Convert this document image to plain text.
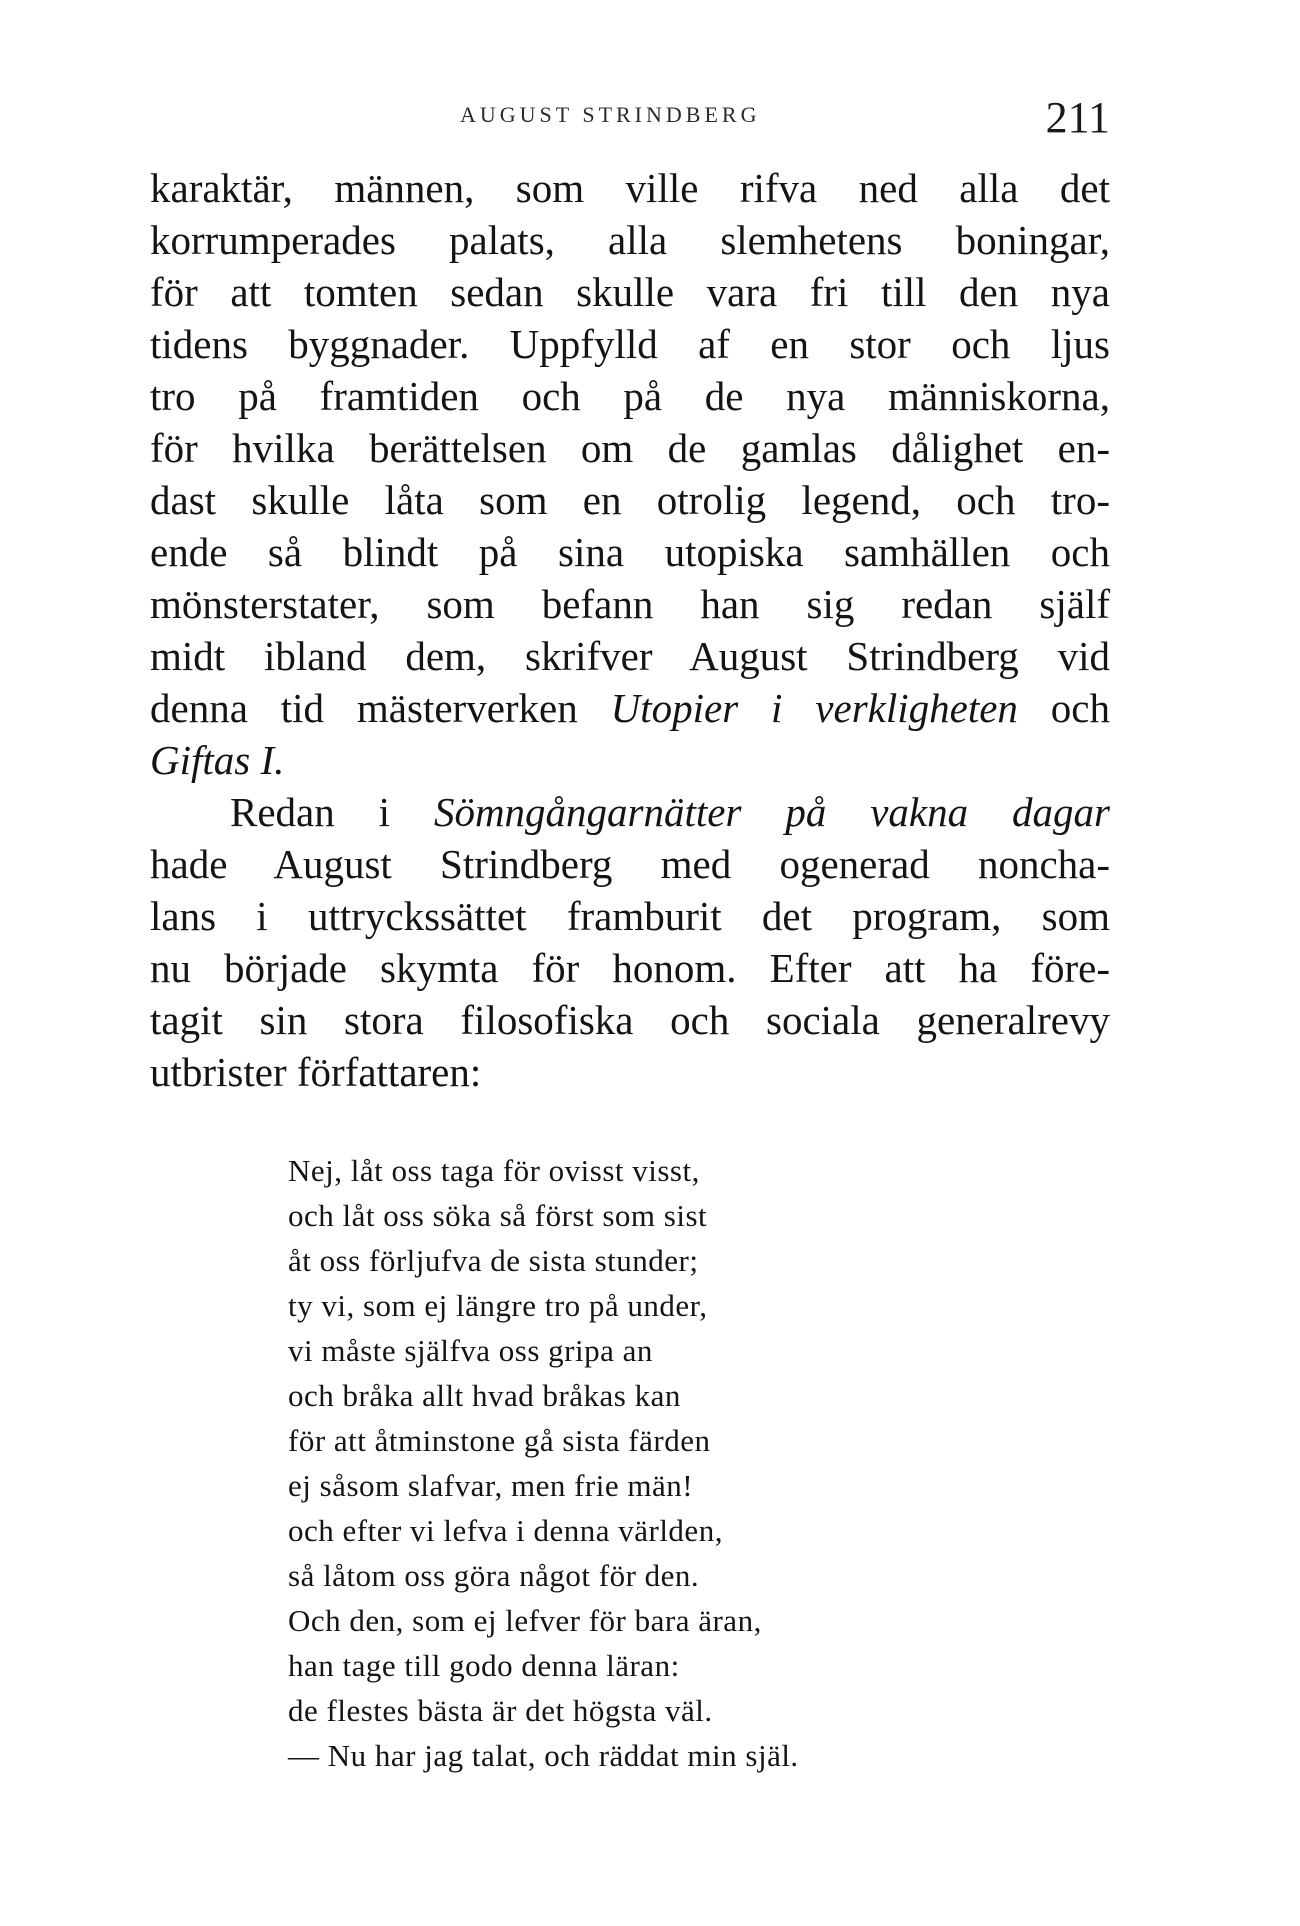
AUGUST STRINDBERG	211
karaktär, männen, som ville rifva ned alla det
korrumperades palats, alla slemhetens boningar,
för att tomten sedan skulle vara fri till den nya
tidens byggnader. Uppfylld af en stor och ljus
tro på framtiden och på de nya människorna,
för hvilka berättelsen om de gamlas dålighet en-
dast skulle låta som en otrolig legend, och tro-
ende så blindt på sina utopiska samhällen och
mönsterstater, som befann han sig redan själf
midt ibland dem, skrifver August Strindberg vid
denna tid mästerverken Utopier i verkligheten och
Giftas I.
Redan i Sömngångarnätter på vakna dagar
hade August Strindberg med ogenerad noncha-
lans i uttryckssättet framburit det program, som
nu började skymta för honom. Efter att ha före-
tagit sin stora filosofiska och sociala generalrevy
utbrister författaren:
Nej, låt oss taga för ovisst visst,
och låt oss söka så först som sist
åt oss förljufva de sista stunder;
ty vi, som ej längre tro på under,
vi måste själfva oss gripa an
och bråka allt hvad bråkas kan
för att åtminstone gå sista färden
ej såsom slafvar, men frie män!
och efter vi lefva i denna världen,
så låtom oss göra något för den.
Och den, som ej lefver för bara äran,
han tage till godo denna läran:
de flestes bästa är det högsta väl.
— Nu har jag talat, och räddat min själ.
